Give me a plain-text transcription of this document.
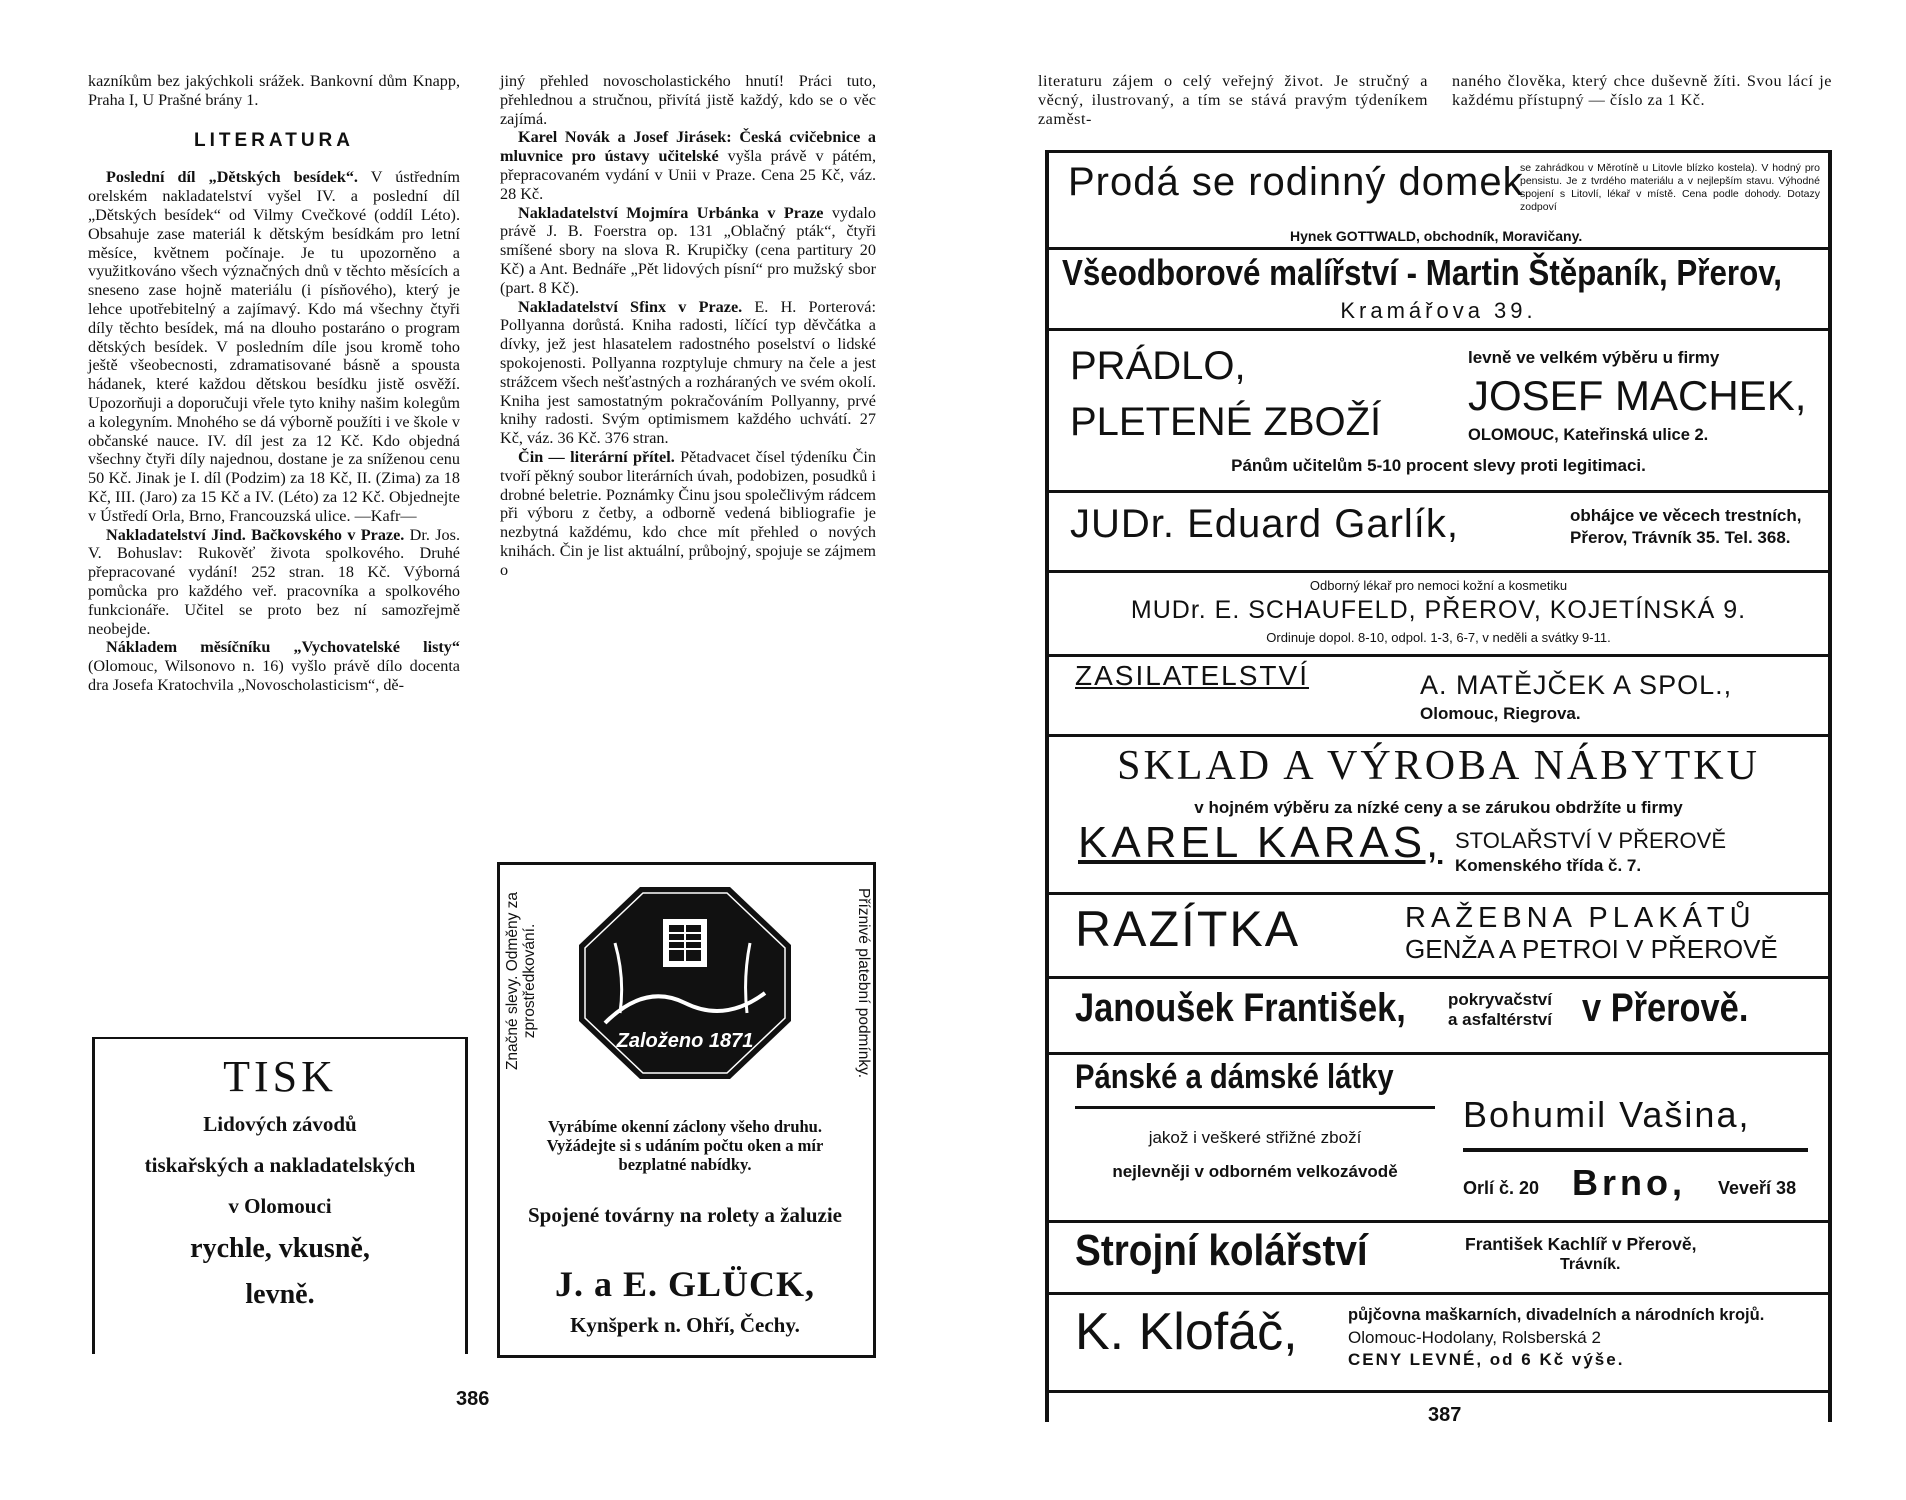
kazníkům bez jakýchkoli srážek. Bankovní dům Knapp, Praha I, U Prašné brány 1.

LITERATURA

Poslední díl „Dětských besídek“. V ústředním orelském nakladatelství vyšel IV. a poslední díl „Dětských besídek“ od Vilmy Cvečkové (oddíl Léto). Obsahuje zase materiál k dětským besídkám pro letní měsíce, květnem počínaje. Je tu upozorněno a využitkováno všech význačných dnů v těchto měsících a sneseno zase hojně materiálu (i písňového), který je lehce upotřebitelný a zajímavý. Kdo má všechny čtyři díly těchto besídek, má na dlouho postaráno o program dětských besídek. V posledním díle jsou kromě toho ještě všeobecnosti, zdramatisované básně a spousta hádanek, které každou dětskou besídku jistě osvěží. Upozorňuji a doporučuji vřele tyto knihy našim kolegům a kolegyním. Mnohého se dá výborně použíti i ve škole v občanské nauce. IV. díl jest za 12 Kč. Kdo objedná všechny čtyři díly najednou, dostane je za sníženou cenu 50 Kč. Jinak je I. díl (Podzim) za 18 Kč, II. (Zima) za 18 Kč, III. (Jaro) za 15 Kč a IV. (Léto) za 12 Kč. Objednejte v Ústředí Orla, Brno, Francouzská ulice. —Kafr—

Nakladatelství Jind. Bačkovského v Praze. Dr. Jos. V. Bohuslav: Rukověť života spolkového. Druhé přepracované vydání! 252 stran. 18 Kč. Výborná pomůcka pro každého veř. pracovníka a spolkového funkcionáře. Učitel se proto bez ní samozřejmě neobejde.

Nákladem měsíčníku „Vychovatelské listy“ (Olomouc, Wilsonovo n. 16) vyšlo právě dílo docenta dra Josefa Kratochvila „Novoscholasticism“, dě-

jiný přehled novoscholastického hnutí! Práci tuto, přehlednou a stručnou, přivítá jistě každý, kdo se o věc zajímá.

Karel Novák a Josef Jirásek: Česká cvičebnice a mluvnice pro ústavy učitelské vyšla právě v pátém, přepracovaném vydání v Unii v Praze. Cena 25 Kč, váz. 28 Kč.

Nakladatelství Mojmíra Urbánka v Praze vydalo právě J. B. Foerstra op. 131 „Oblačný pták“, čtyři smíšené sbory na slova R. Krupičky (cena partitury 20 Kč) a Ant. Bednáře „Pět lidových písní“ pro mužský sbor (part. 8 Kč).

Nakladatelství Sfinx v Praze. E. H. Porterová: Pollyanna dorůstá. Kniha radosti, líčící typ děvčátka a dívky, jež jest hlasatelem radostného poselství o lidské spokojenosti. Pollyanna rozptyluje chmury na čele a jest strážcem všech nešťastných a rozháraných ve svém okolí. Kniha jest samostatným pokračováním Pollyanny, prvé knihy radosti. Svým optimismem každého uchvátí. 27 Kč, váz. 36 Kč. 376 stran.

Čin — literární přítel. Pětadvacet čísel týdeníku Čin tvoří pěkný soubor literárních úvah, podobizen, posudků i drobné beletrie. Poznámky Činu jsou společlivým rádcem při výboru z četby, a odborně vedená bibliografie je nezbytná každému, kdo chce mít přehled o nových knihách. Čin je list aktuální, průbojný, spojuje se zájmem o

TISK
Lidových závodů
tiskařských a nakladatelských
v Olomouci
rychle, vkusně,
levně.
Značné slevy. Odměny za zprostředkování.	Příznivé platební podmínky.
Založeno 1871
Vyrábíme okenní záclony všeho druhu. Vyžádejte si s udáním počtu oken a mír bezplatné nabídky.
Spojené továrny na rolety a žaluzie
J. a E. GLÜCK,
Kynšperk n. Ohří, Čechy.
386
literaturu zájem o celý veřejný život. Je stručný a věcný, ilustrovaný, a tím se stává pravým týdeníkem zaměst-
naného člověka, který chce duševně žíti. Svou lácí je každému přístupný — číslo za 1 Kč.
Prodá se rodinný domek
se zahrádkou v Měrotíně u Litovle blízko kostela). V hodný pro pensistu. Je z tvrdého materiálu a v nejlepším stavu. Výhodné spojení s Litovlí, lékař v místě. Cena podle dohody. Dotazy zodpoví
Hynek GOTTWALD, obchodník, Moravičany.
Všeodborové malířství - Martin Štěpaník, Přerov,
Kramářova 39.
PRÁDLO,
PLETENÉ ZBOŽÍ
levně ve velkém výběru u firmy
JOSEF MACHEK,
OLOMOUC, Kateřinská ulice 2.
Pánům učitelům 5-10 procent slevy proti legitimaci.
JUDr. Eduard Garlík,	obhájce ve věcech trestních,
Přerov, Trávník 35. Tel. 368.
Odborný lékař pro nemoci kožní a kosmetiku
MUDr. E. SCHAUFELD, PŘEROV, KOJETÍNSKÁ 9.
Ordinuje dopol. 8-10, odpol. 1-3, 6-7, v neděli a svátky 9-11.
ZASILATELSTVÍ	A. MATĚJČEK A SPOL.,
Olomouc, Riegrova.
SKLAD A VÝROBA NÁBYTKU
v hojném výběru za nízké ceny a se zárukou obdržíte u firmy
KAREL KARAS, STOLAŘSTVÍ V PŘEROVĚ
Komenského třída č. 7.
RAZÍTKA	RAŽEBNA PLAKÁTŮ
GENŽA A PETROI V PŘEROVĚ
Janoušek František, pokryvačství
a asfaltérství v Přerově.
Pánské a dámské látky
jakož i veškeré střižné zboží
nejlevněji v odborném velkozávodě
Bohumil Vašina,
Orlí č. 20 Brno, Veveří 38
Strojní kolářství	František Kachlíř v Přerově,
Trávník.
K. Klofáč,	půjčovna maškarních, divadelních a národních krojů.
Olomouc-Hodolany, Rolsberská 2
CENY LEVNÉ, od 6 Kč výše.
387
